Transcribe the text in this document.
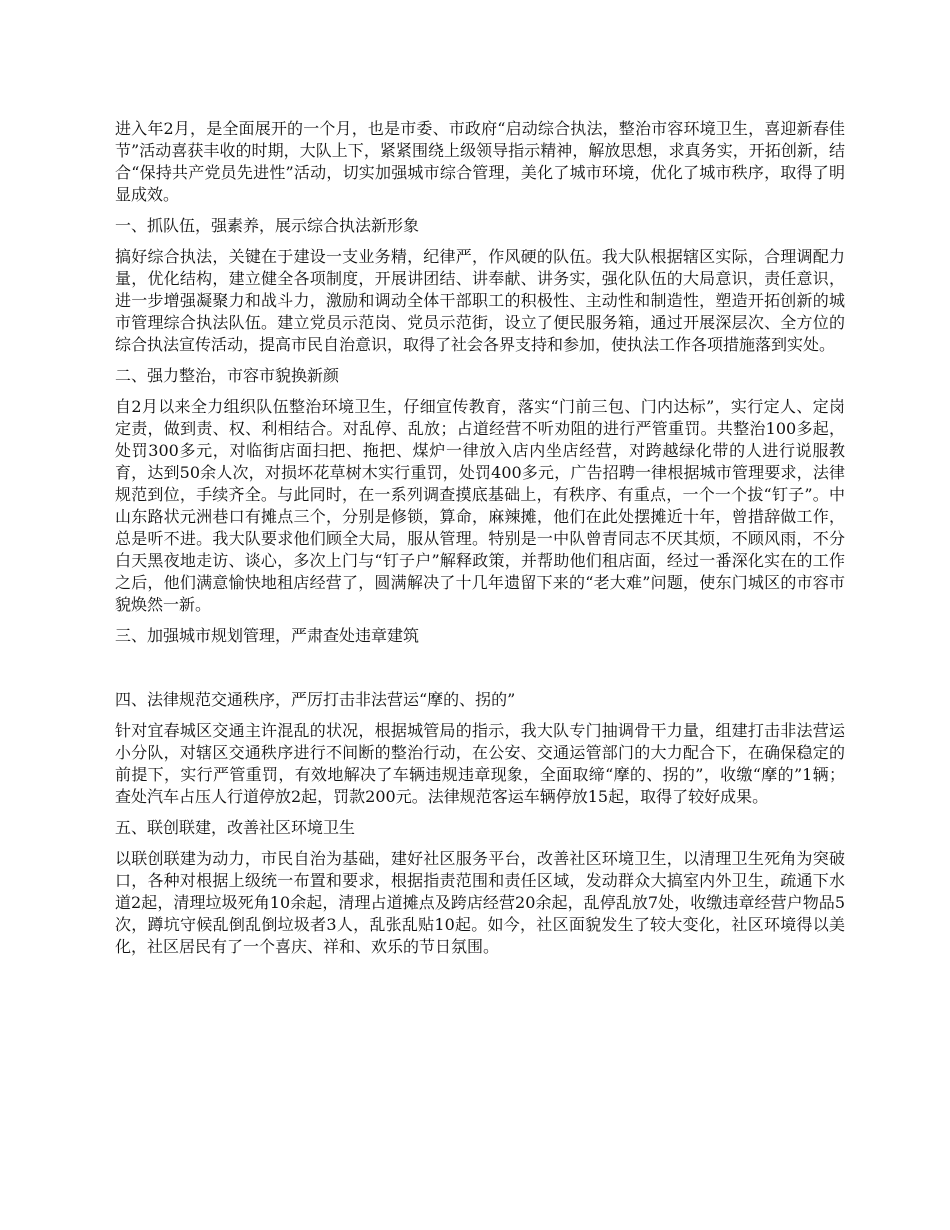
进入年2月，是全面展开的一个月，也是市委、市政府“启动综合执法，整治市容环境卫生，喜迎新春佳节”活动喜获丰收的时期，大队上下，紧紧围绕上级领导指示精神，解放思想，求真务实，开拓创新，结合“保持共产党员先进性”活动，切实加强城市综合管理，美化了城市环境，优化了城市秩序，取得了明显成效。

一、抓队伍，强素养，展示综合执法新形象

搞好综合执法，关键在于建设一支业务精，纪律严，作风硬的队伍。我大队根据辖区实际，合理调配力量，优化结构，建立健全各项制度，开展讲团结、讲奉献、讲务实，强化队伍的大局意识，责任意识，进一步增强凝聚力和战斗力，激励和调动全体干部职工的积极性、主动性和制造性，塑造开拓创新的城市管理综合执法队伍。建立党员示范岗、党员示范街，设立了便民服务箱，通过开展深层次、全方位的综合执法宣传活动，提高市民自治意识，取得了社会各界支持和参加，使执法工作各项措施落到实处。

二、强力整治，市容市貌换新颜

自2月以来全力组织队伍整治环境卫生，仔细宣传教育，落实“门前三包、门内达标”，实行定人、定岗定责，做到责、权、利相结合。对乱停、乱放；占道经营不听劝阻的进行严管重罚。共整治100多起，处罚300多元，对临街店面扫把、拖把、煤炉一律放入店内坐店经营，对跨越绿化带的人进行说服教育，达到50余人次，对损坏花草树木实行重罚，处罚400多元，广告招聘一律根据城市管理要求，法律规范到位，手续齐全。与此同时，在一系列调查摸底基础上，有秩序、有重点，一个一个拔“钉子”。中山东路状元洲巷口有摊点三个，分别是修锁，算命，麻辣摊，他们在此处摆摊近十年，曾措辞做工作，总是听不进。我大队要求他们顾全大局，服从管理。特别是一中队曾青同志不厌其烦，不顾风雨，不分白天黑夜地走访、谈心，多次上门与“钉子户”解释政策，并帮助他们租店面，经过一番深化实在的工作之后，他们满意愉快地租店经营了，圆满解决了十几年遗留下来的“老大难”问题，使东门城区的市容市貌焕然一新。

三、加强城市规划管理，严肃查处违章建筑

四、法律规范交通秩序，严厉打击非法营运“摩的、拐的”

针对宜春城区交通主许混乱的状况，根据城管局的指示，我大队专门抽调骨干力量，组建打击非法营运小分队，对辖区交通秩序进行不间断的整治行动，在公安、交通运管部门的大力配合下，在确保稳定的前提下，实行严管重罚，有效地解决了车辆违规违章现象，全面取缔“摩的、拐的”，收缴“摩的”1辆；查处汽车占压人行道停放2起，罚款200元。法律规范客运车辆停放15起，取得了较好成果。

五、联创联建，改善社区环境卫生

以联创联建为动力，市民自治为基础，建好社区服务平台，改善社区环境卫生，以清理卫生死角为突破口，各种对根据上级统一布置和要求，根据指责范围和责任区域，发动群众大搞室内外卫生，疏通下水道2起，清理垃圾死角10余起，清理占道摊点及跨店经营20余起，乱停乱放7处，收缴违章经营户物品5次，蹲坑守候乱倒乱倒垃圾者3人，乱张乱贴10起。如今，社区面貌发生了较大变化，社区环境得以美化，社区居民有了一个喜庆、祥和、欢乐的节日氛围。
